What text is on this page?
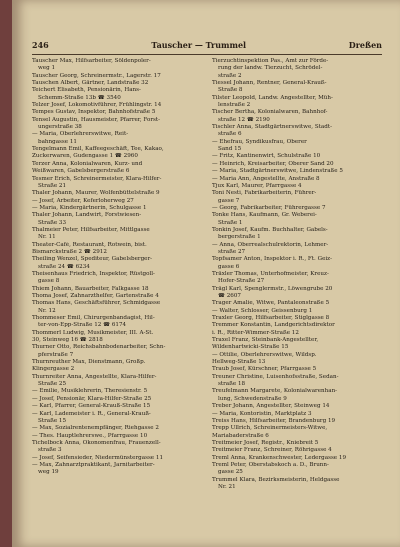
246	Tauscher — Trummel	Dreßen

Tauscher Max, Hilfsarbeiter, Söldenpoler-

weg 1

Tauscher Georg, Schreinermstr., Lagerstr. 17

Tauschen Albert, Gärtner, Landstraße 32

Teichert Elisabeth, Pensionärin, Hans-

Schemm-Straße 13b ☎ 3540

Telzer Josef, Lokomotivführer, Frühlingstr. 14

Tempes Gustav, Inspektor, Bahnhofstraße 5

Tensel Augustin, Hausmeister, Pfarrer, Forst-

ungerstraße 38

— Maria, Oberlehrerswitwe, Reit-

bahngasse 11

Tengelmann Emil, Kaffeegeschäft, Tee, Kakao,

Zuckerwaren, Gudengasse 1 ☎ 2960

Terzer Anna, Kolonialwaren, Kurz- und

Weißwaren, Gabelsbergerstraße 6

Tesmer Erich, Schreinermeister, Klara-Hilfer-

Straße 21

Thaler Johann, Maurer, Wolfenbüttelstraße 9

— Josef, Arbeiter, Keferloherweg 27

— Maria, Kindergärtnerin, Schulgasse 1

Thaler Johann, Landwirt, Forstwiesen-

Straße 33

Thalmeier Peter, Hilfsarbeiter, Mittlgasse

Nr. 11

Theater-Café, Restaurant, Rotwein, bist.

Bismarckstraße 2 ☎ 2912

Theiling Wenzel, Spediteur, Gabelsberger-

straße 24 ☎ 6234

Theisenhaus Friedrich, Inspektor, Rüstgoll-

gasse 8

Thiem Johann, Bauarbeiter, Falkgasse 18

Thoma Josef, Zahnarzthelfer, Gartenstraße 4

Thomas Hans, Geschäftsführer, Schmidgasse

Nr. 12

Thommeser Emil, Chirurgenbandagist, Hil-

ter-von-Epp-Straße 12 ☎ 6174

Thommerl Ludwig, Musikmeister, III. A-St.

30, Steinweg 16 ☎ 2818

Thurner Otto, Reichsbahnbodenarbeiter, Schn-

pferstraße 7

Thurnreuther Max, Dienstmann, Großp.

Klingergasse 2

Thurnreiter Anna, Angestellte, Klara-Hilfer-

Straße 25

— Emilie, Musiklehrerin, Theresienstr. 5

— Josef, Pensionär, Klara-Hilfer-Straße 25

— Karl, Pfarrer, General-Krauß-Straße 15

— Karl, Lademeister i. R., General-Krauß-

Straße 15

— Max, Sozialrentenempfänger, Riehgasse 2

— Thes. Hauptlehrerswe., Pfarrgasse 10

Tichelbock Anna, Ökonomenfrau, Frauenzell-

straße 3

— Josef, Seifensieder, Niedermünstergasse 11

— Max, Zahnarztpraktikant, Jarnitarbeiter-

weg 19

Tierzuchtinspektion Pas., Amt zur Förde-

rung der landw. Tierzucht, Schrödel-

straße 2

Tiessel Johann, Rentner, General-Krauß-

Straße 8

Tilster Leopold, Landw. Angestellter, Müh-

lenstraße 2

Tischer Bertha, Kolonialwaren, Bahnhof-

straße 12 ☎ 2190

Tischler Anna, Stadtgärtnerswitwe, Stadt-

straße 6

— Ehefrau, Syndikusfrau, Oberer

Sand 15

— Fritz, Kantinenwirt, Schulstraße 10

— Heinrich, Kreisarbeiter, Oberer Sand 20

— Maria, Stadtgärtnerswitwe, Lindenstraße 5

— Maria Ann, Angestellte, Anstraße 8

Tjux Karl, Maurer, Pfarrgasse 4

Toni Nesti, Fabrikarbeiterin, Führer-

gasse 7

— Georg, Fabrikarbeiter, Führergasse 7

Tonke Hans, Kaufmann, Gr. Weberei-

Straße 1

Tonkin Josef, Kaufm. Buchhalter, Gabels-

bergerstraße 1

— Anna, Oberrealschulrektorin, Lehmer-

straße 27

Topfsamer Anton, Inspektor i. R., Ft. Geiz-

gasse 6

Träxler Thomas, Unterhofmeister, Kreuz-

Hofer-Straße 27

Trägl Karl, Spenglermstr., Löwengrube 20

☎ 2607

Trager Amalie, Witwe, Pantaleonstraße 5

— Walter, Schlosser, Geissenburg 1

Traxler Georg, Hilfsarbeiter, Stiglgasse 8

Tremmer Konstantin, Landgerichtsdirektor

i. R., Ritter-Wimmer-Straße 12

Traxel Franz, Steinbank-Angestellter,

Wildenhartwicki-Straße 15

— Ottilie, Oberlehrerswitwe, Wildsp.

Hellweg-Straße 13

Traub Josef, Kürschner, Pfarrgasse 5

Treuner Christine, Luisenhofsstraße, Sedan-

straße 18

Treufelmann Margarete, Kolonialwarenhan-

lung, Schwedenstraße 9

Treber Johann, Angestellter, Steinweg 14

— Maria, Kontoristin, Marktplatz 3

Treiss Hans, Hilfsarbeiter, Brandenburg 19

Trepp Ullrich, Schreinermeisters-Witwe,

Mariabaderstraße 6

Treitmeier Josef, Registr., Kniebreit 5

Treitmeier Franz, Schreiner, Röhrigasse 4

Treml Anna, Krankenschwester, Ledergasse 19

Treml Peter, Oberstabskoch a. D., Brunn-

gasse 25

Trummel Klara, Bezirksmeisterin, Heldgasse

Nr. 21
